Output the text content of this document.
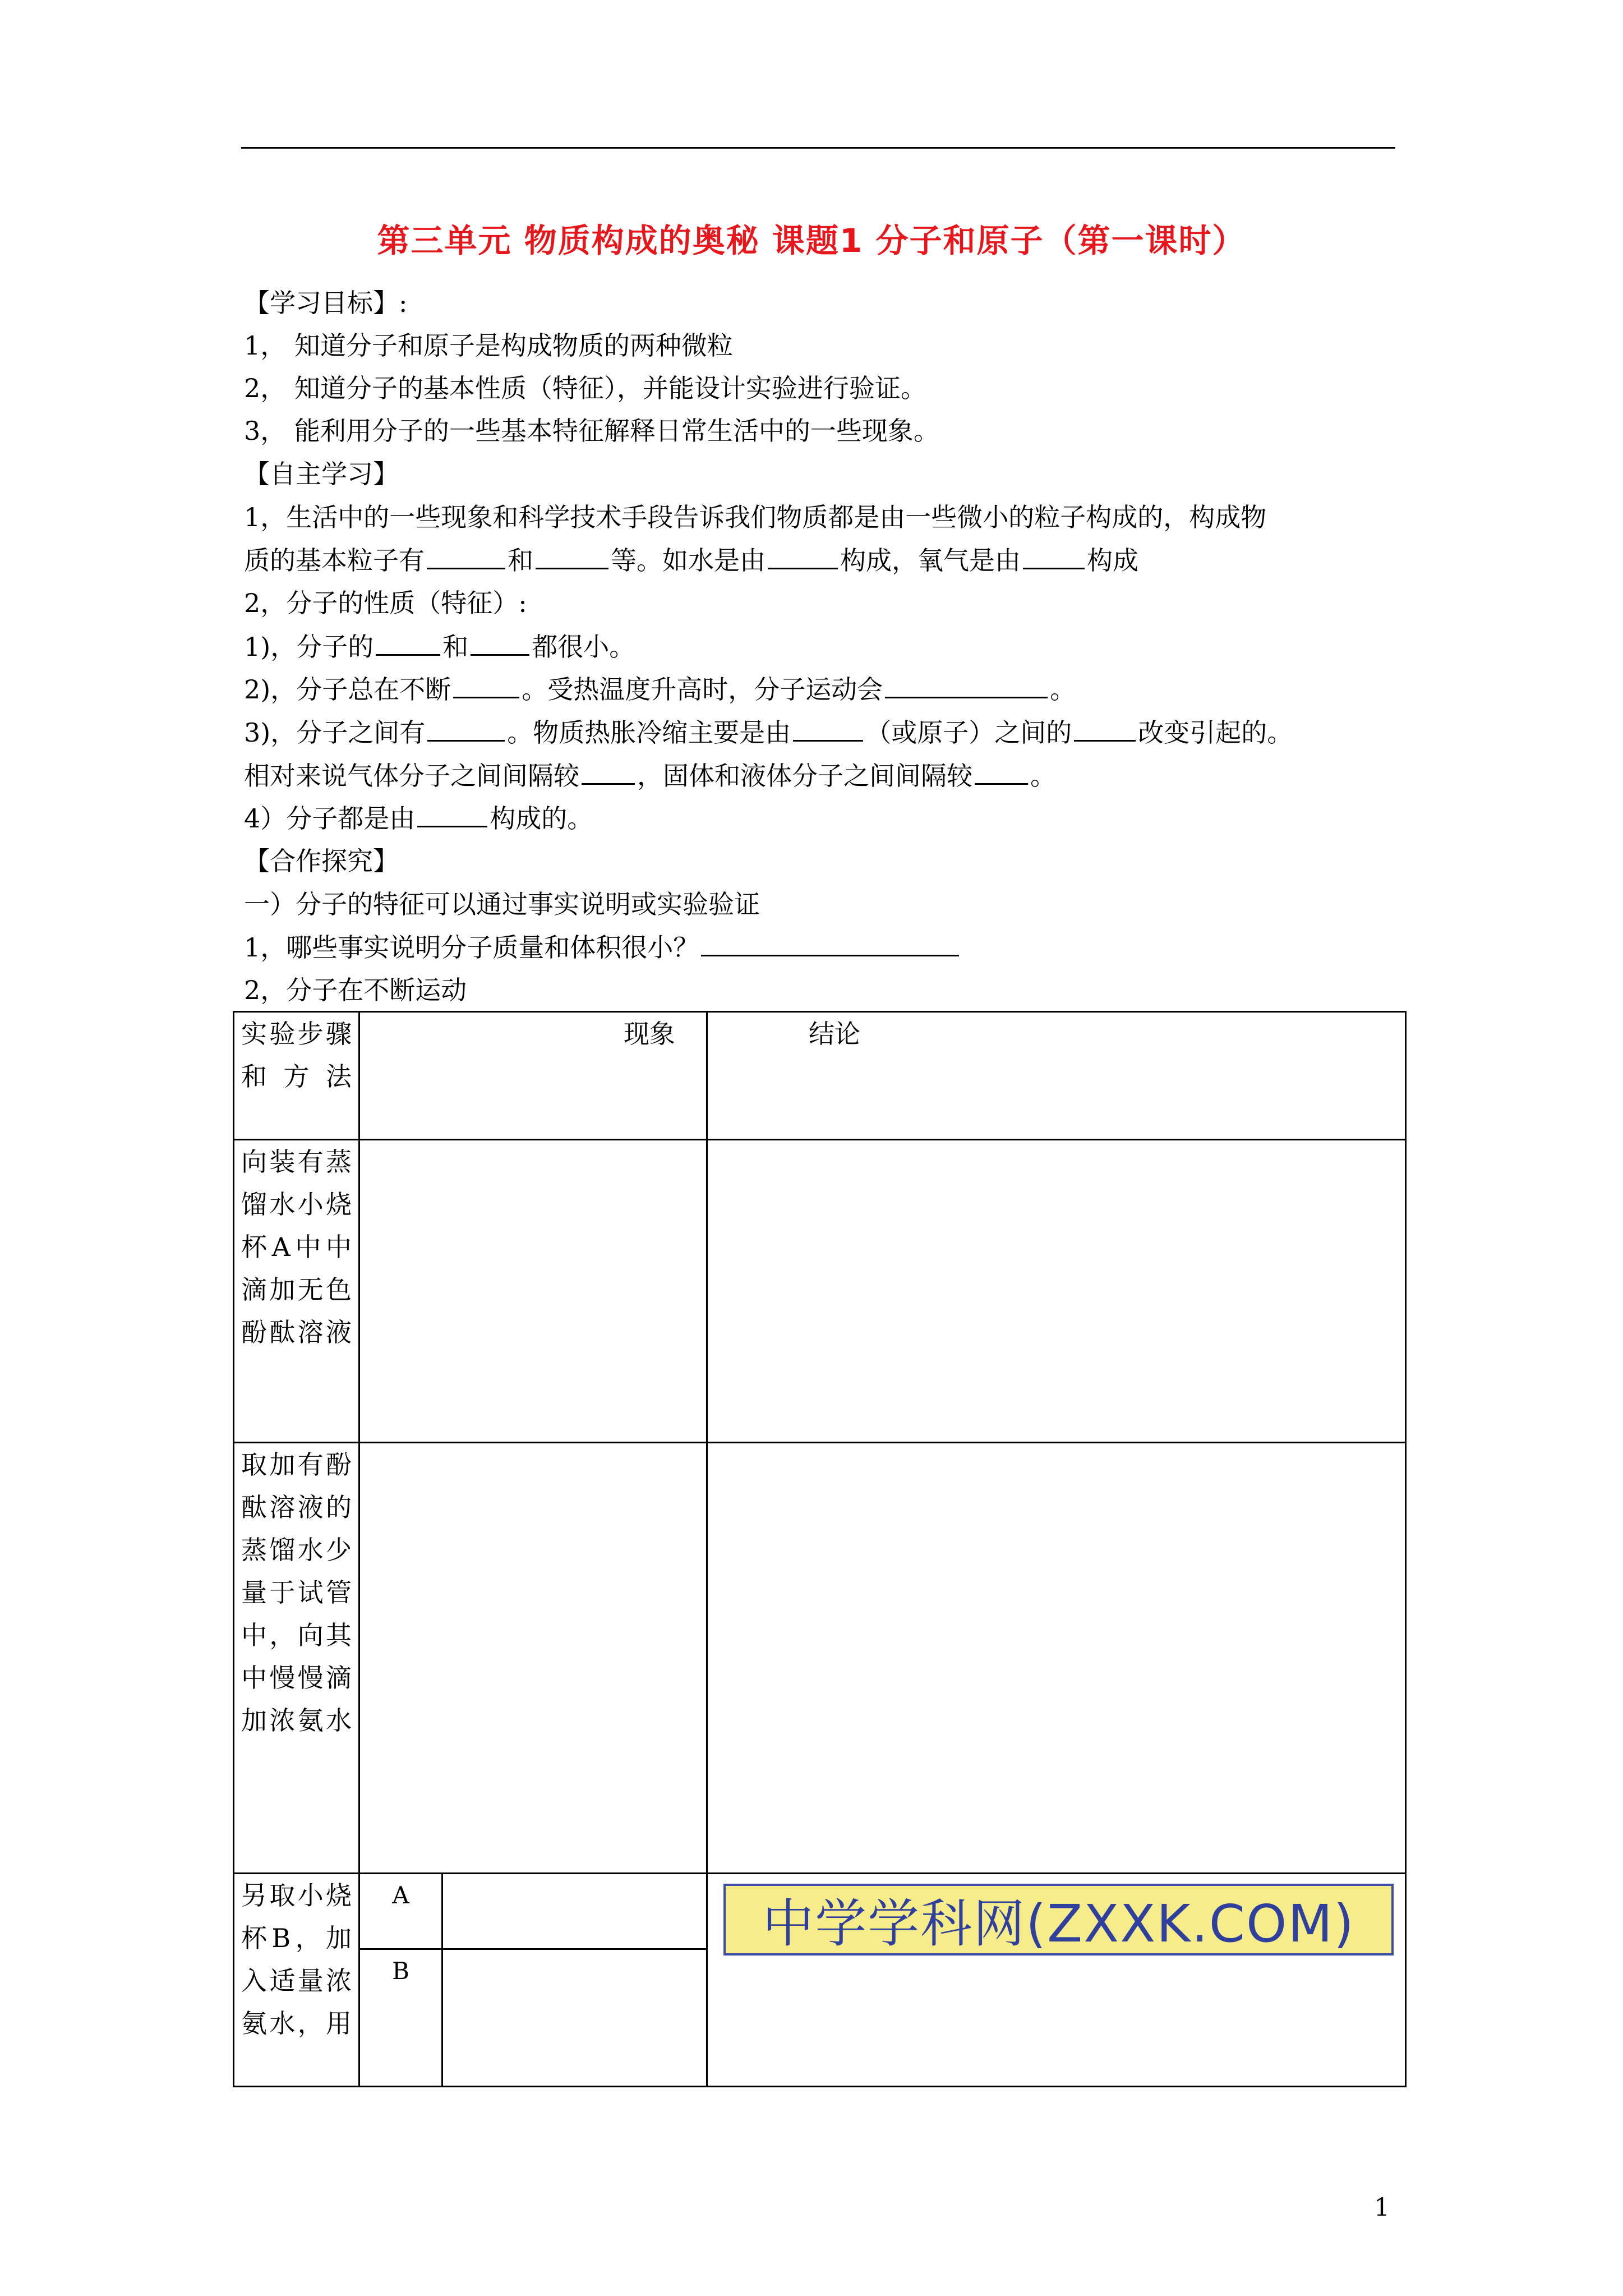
第三单元 物质构成的奥秘 课题1 分子和原子（第一课时）
【学习目标】:
1， 知道分子和原子是构成物质的两种微粒
2， 知道分子的基本性质（特征），并能设计实验进行验证。
3， 能利用分子的一些基本特征解释日常生活中的一些现象。
【自主学习】
1，生活中的一些现象和科学技术手段告诉我们物质都是由一些微小的粒子构成的，构成物
质的基本粒子有	和	等。如水是由	构成，氧气是由	构成
2，分子的性质（特征）:
1)，分子的	和 都很小。
2)，分子总在不断	。受热温度升高时，分子运动会	。
3)，分子之间有	。物质热胀冷缩主要是由	（或原子）之间的	改变引起的。
相对来说气体分子之间间隔较 ，固体和液体分子之间间隔较 。
4）分子都是由	构成的。
【合作探究】
一）分子的特征可以通过事实说明或实验验证
1，哪些事实说明分子质量和体积很小？
2，分子在不断运动
实验步骤和方法	现象		结论
向装有蒸馏水小烧杯A中中滴加无色酚酞溶液			
取加有酚酞溶液的蒸馏水少量于试管中，向其中慢慢滴加浓氨水			
另取小烧杯B，加入适量浓氨水，用	A		
	B		
中学学科网(ZXXK.COM)
1
